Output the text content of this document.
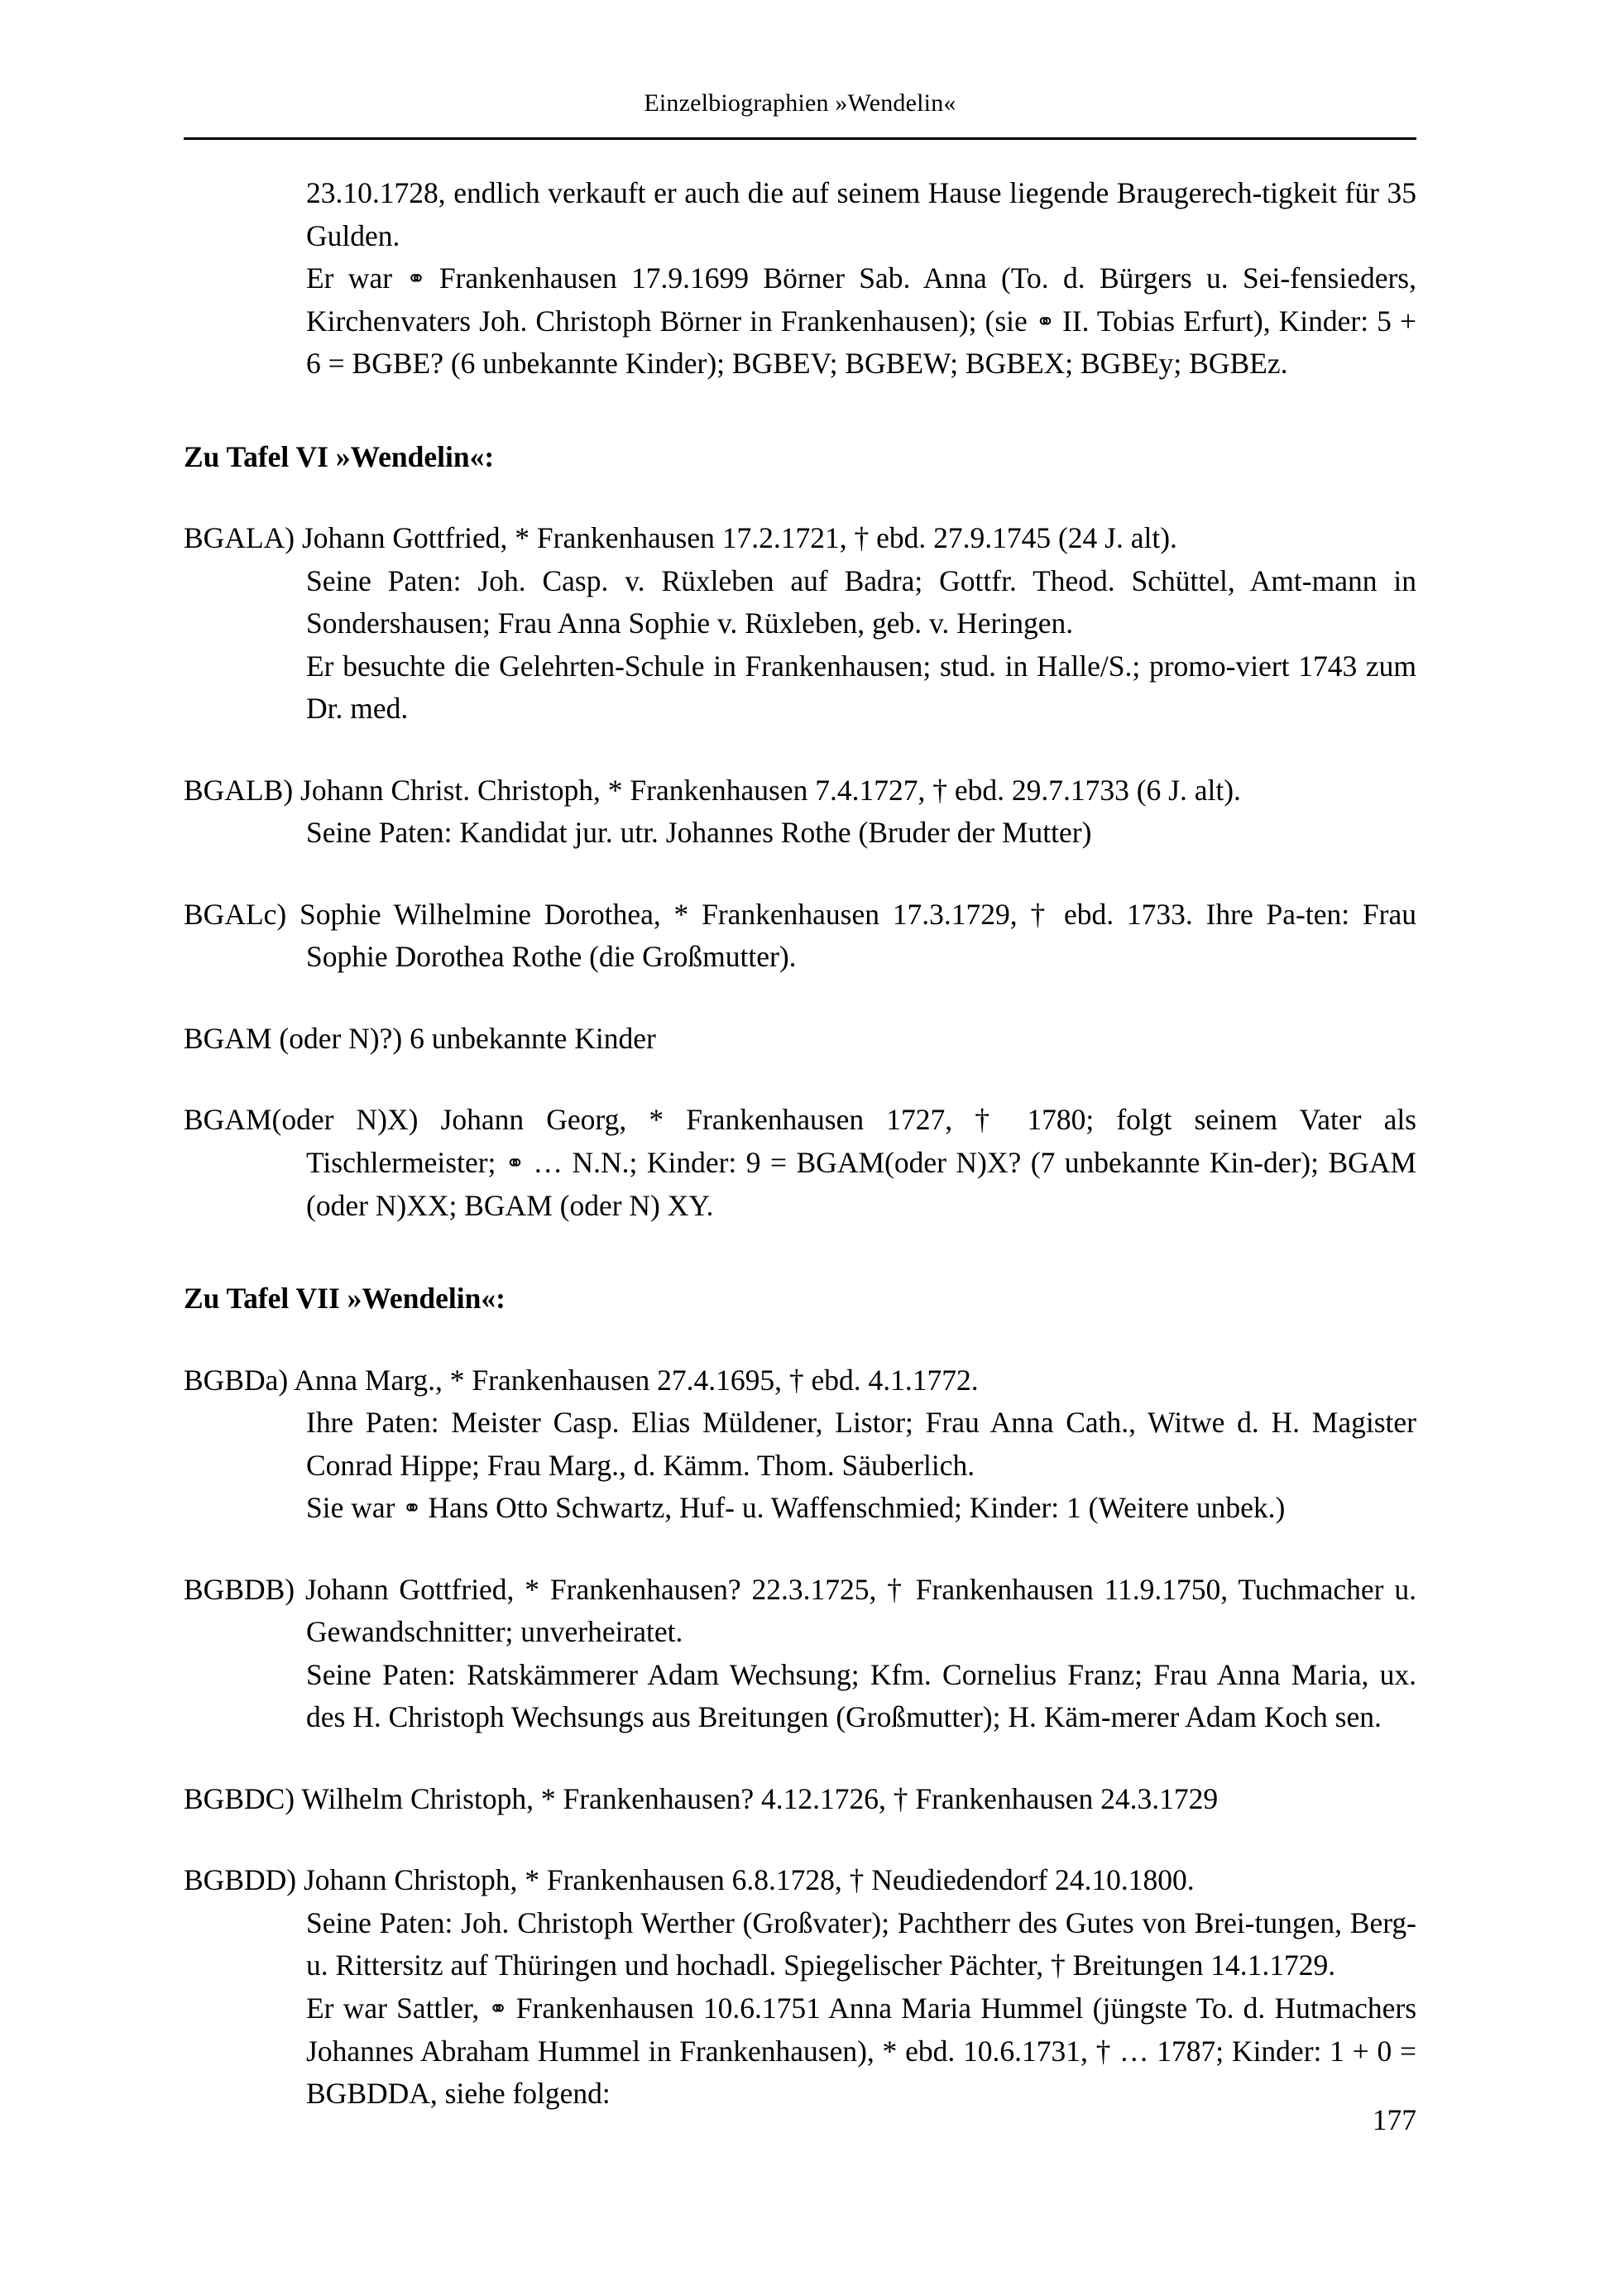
Einzelbiographien »Wendelin«

23.10.1728, endlich verkauft er auch die auf seinem Hause liegende Braugerech-tigkeit für 35 Gulden.

Er war ⚭ Frankenhausen 17.9.1699 Börner Sab. Anna (To. d. Bürgers u. Sei-fensieders, Kirchenvaters Joh. Christoph Börner in Frankenhausen); (sie ⚭ II. Tobias Erfurt), Kinder: 5 + 6 = BGBE? (6 unbekannte Kinder); BGBEV; BGBEW; BGBEX; BGBEy; BGBEz.

Zu Tafel VI »Wendelin«:

BGALA) Johann Gottfried, * Frankenhausen 17.2.1721, † ebd. 27.9.1745 (24 J. alt).

Seine Paten: Joh. Casp. v. Rüxleben auf Badra; Gottfr. Theod. Schüttel, Amt-mann in Sondershausen; Frau Anna Sophie v. Rüxleben, geb. v. Heringen.

Er besuchte die Gelehrten-Schule in Frankenhausen; stud. in Halle/S.; promo-viert 1743 zum Dr. med.

BGALB) Johann Christ. Christoph, * Frankenhausen 7.4.1727, † ebd. 29.7.1733 (6 J. alt).

Seine Paten: Kandidat jur. utr. Johannes Rothe (Bruder der Mutter)

BGALc) Sophie Wilhelmine Dorothea, * Frankenhausen 17.3.1729, † ebd. 1733. Ihre Pa-ten: Frau Sophie Dorothea Rothe (die Großmutter).

BGAM (oder N)?) 6 unbekannte Kinder

BGAM(oder N)X) Johann Georg, * Frankenhausen 1727, † 1780; folgt seinem Vater als Tischlermeister; ⚭ … N.N.; Kinder: 9 = BGAM(oder N)X? (7 unbekannte Kin-der); BGAM (oder N)XX; BGAM (oder N) XY.

Zu Tafel VII »Wendelin«:

BGBDa) Anna Marg., * Frankenhausen 27.4.1695, † ebd. 4.1.1772.

Ihre Paten: Meister Casp. Elias Müldener, Listor; Frau Anna Cath., Witwe d. H. Magister Conrad Hippe; Frau Marg., d. Kämm. Thom. Säuberlich.

Sie war ⚭ Hans Otto Schwartz, Huf- u. Waffenschmied; Kinder: 1 (Weitere unbek.)

BGBDB) Johann Gottfried, * Frankenhausen? 22.3.1725, † Frankenhausen 11.9.1750, Tuchmacher u. Gewandschnitter; unverheiratet.

Seine Paten: Ratskämmerer Adam Wechsung; Kfm. Cornelius Franz; Frau Anna Maria, ux. des H. Christoph Wechsungs aus Breitungen (Großmutter); H. Käm-merer Adam Koch sen.

BGBDC) Wilhelm Christoph, * Frankenhausen? 4.12.1726, † Frankenhausen 24.3.1729

BGBDD) Johann Christoph, * Frankenhausen 6.8.1728, † Neudiedendorf 24.10.1800.

Seine Paten: Joh. Christoph Werther (Großvater); Pachtherr des Gutes von Brei-tungen, Berg- u. Rittersitz auf Thüringen und hochadl. Spiegelischer Pächter, † Breitungen 14.1.1729.

Er war Sattler, ⚭ Frankenhausen 10.6.1751 Anna Maria Hummel (jüngste To. d. Hutmachers Johannes Abraham Hummel in Frankenhausen), * ebd. 10.6.1731, † … 1787; Kinder: 1 + 0 = BGBDDA, siehe folgend:

177
